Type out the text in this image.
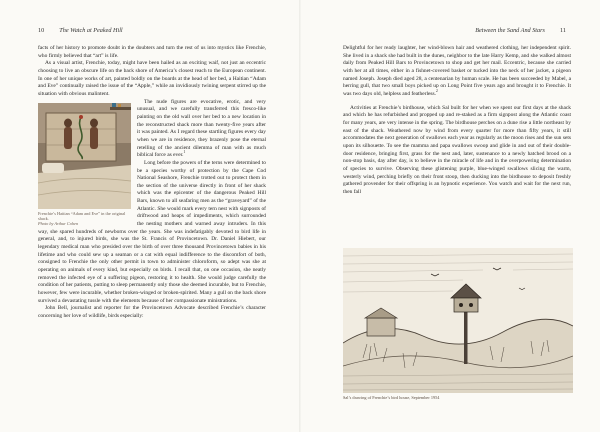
10 The Watch at Peaked Hill

facts of her history to promote doubt in the doubters and turn the rest of us into mystics like Frenchie, who firmly believed that “art” is life.

As a visual artist, Frenchie, today, might have been hailed as an exciting waif, not just an eccentric choosing to live an obscure life on the back shore of America’s closest reach to the European continent. In one of her unique works of art, painted boldly on the boards at the head of her bed, a Haitian “Adam and Eve” continually raised the issue of the “Apple,” while an invidiously twining serpent stirred up the situation with obvious malintent.

Frenchie’s Haitian “Adam and Eve” in the original shack.
Photo by Arthur Cohen

The nude figures are evocative, erotic, and very unusual, and we carefully transferred this fresco-like painting on the old wall over her bed to a new location in the reconstructed shack more than twenty-five years after it was painted. As I regard these startling figures every day when we are in residence, they brazenly pose the eternal retelling of the ancient dilemma of man with as much biblical force as ever.$^1$

Long before the powers of the terns were determined to be a species worthy of protection by the Cape Cod National Seashore, Frenchie trotted out to protect them in the section of the universe directly in front of her shack which was the epicenter of the dangerous Peaked Hill Bars, known to all seafaring men as the “graveyard” of the Atlantic. She would mark every tern nest with signposts of driftwood and heaps of impediments, which surrounded the nesting mothers and warned away intruders. In this way, she spared hundreds of newborns over the years. She was indefatigably devoted to bird life in general, and, to injured birds, she was the St. Francis of Provincetown. Dr. Daniel Hiebert, our legendary medical man who presided over the birth of over three thousand Provincetown babies in his lifetime and who could sew up a seaman or a cat with equal indifference to the discomfort of both, consigned to Frenchie the only other permit in town to administer chloroform, so adept was she at operating on animals of every kind, but especially on birds. I recall that, on one occasion, she neatly removed the infected eye of a suffering pigeon, restoring it to health. She would judge carefully the condition of her patients, putting to sleep permanently only those she deemed incurable, but to Frenchie, however, few were incurable, whether broken-winged or broken-spirited. Many a gull on the back shore survived a devastating tussle with the elements because of her compassionate ministrations.

John Bell, journalist and reporter for the Provincetown Advocate described Frenchie’s character concerning her love of wildlife, birds especially:

Between the Sand And Stars 11

Delightful for her ready laughter, her wind-blown hair and weathered clothing, her independent spirit. She lived in a shack she had built in the dunes, neighbor to the late Harry Kemp, and she walked almost daily from Peaked Hill Bars to Provincetown to shop and get her mail. Eccentric, because she carried with her at all times, either in a fishnet-covered basket or tucked into the neck of her jacket, a pigeon named Joseph. Joseph died aged 28, a centenarian by human scale. He has been succeeded by Mabel, a herring gull, that two small boys picked up on Long Point five years ago and brought it to Frenchie. It was two days old, helpless and featherless.$^2$

Activities at Frenchie’s birdhouse, which Sal built for her when we spent our first days at the shack and which he has refurbished and propped up and re-staked as a firm signpost along the Atlantic coast for many years, are very intense in the spring. The birdhouse perches on a dune rise a little northeast by east of the shack. Weathered now by wind from every quarter for more than fifty years, it still accommodates the next generation of swallows each year as regularly as the moon rises and the sun sets upon its silhouette. To see the mamma and papa swallows swoop and glide in and out of their double-door residence, bringing first, grass for the nest and, later, sustenance to a newly hatched brood on a non-stop basis, day after day, is to believe in the miracle of life and in the overpowering determination of species to survive. Observing these glistening purple, blue-winged swallows slicing the warm, westerly wind, perching briefly on their front stoop, then ducking into the birdhouse to deposit freshly gathered provender for their offspring is an hypnotic experience. You watch and wait for the next run, then fall

Sal’s drawing of Frenchie’s bird house, September 1954
